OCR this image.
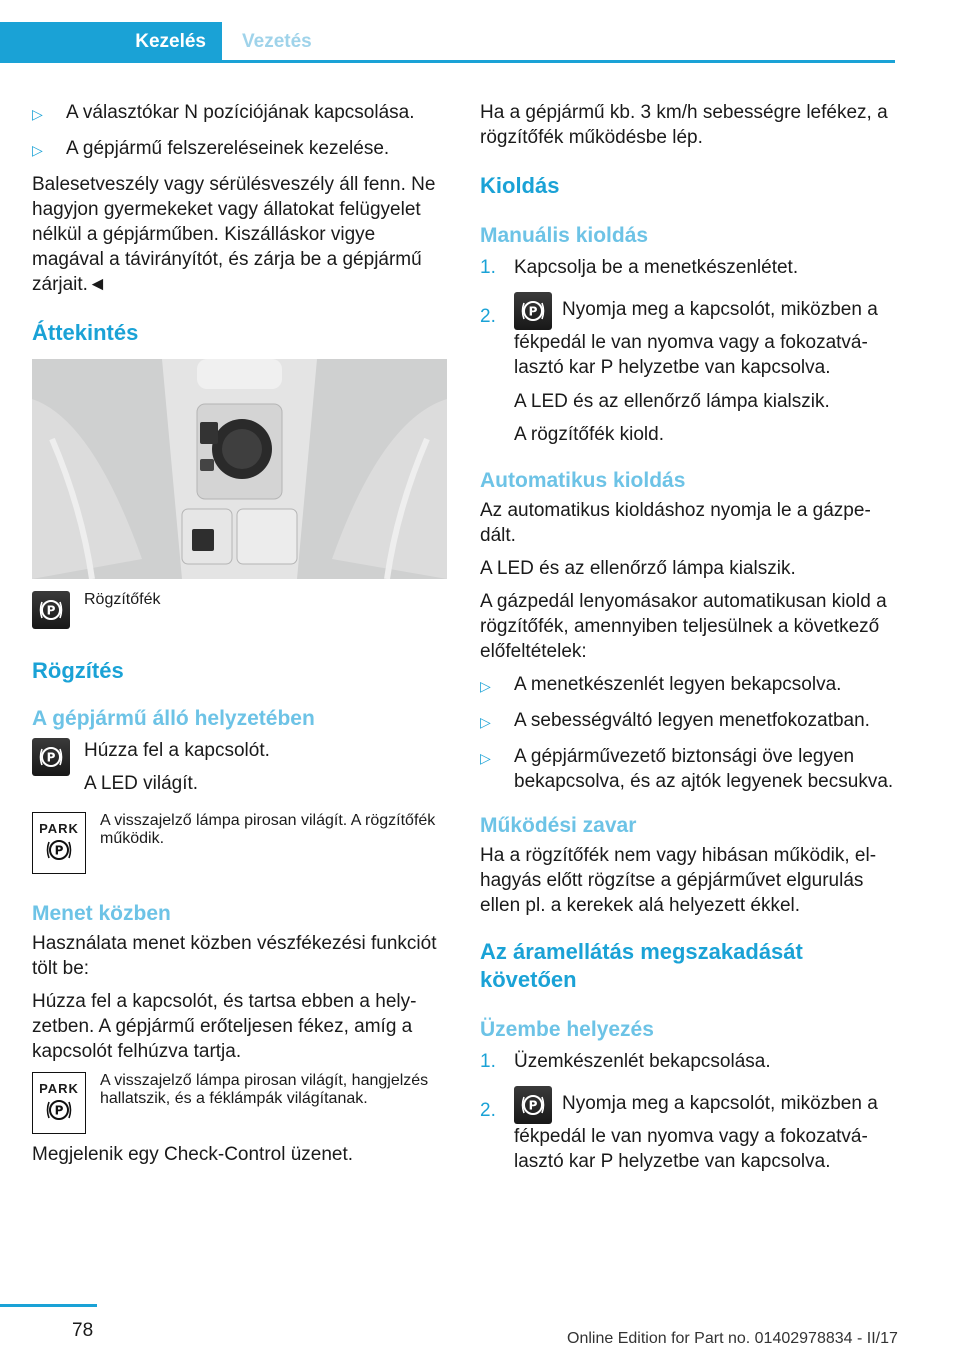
Kezelés	Vezetés
▷	A választókar N pozíciójának kapcsolása.
▷	A gépjármű felszereléseinek kezelése.

Balesetveszély vagy sérülésveszély áll fenn. Ne hagyjon gyermekeket vagy állatokat felügyelet nélkül a gépjárműben. Kiszálláskor vigye magával a távirányítót, és zárja be a gépjármű zárjait.◄

Áttekintés
P
Rögzítőfék
Rögzítés
A gépjármű álló helyzetében
P Húzza fel a kapcsolót.

A LED világít.

PARK
P
A visszajelző lámpa pirosan világít. A rögzítőfék működik.
Menet közben

Használata menet közben vészfékezési funkciót tölt be:

Húzza fel a kapcsolót, és tartsa ebben a helyzetben. A gépjármű erőteljesen fékez, amíg a kapcsolót felhúzva tartja.

PARK
P
A visszajelző lámpa pirosan világít, hangjelzés hallatszik, és a féklámpák világítanak.

Megjelenik egy Check-Control üzenet.

Ha a gépjármű kb. 3 km/h sebességre lefékez, a rögzítőfék működésbe lép.

Kioldás
Manuális kioldás
1. Kapcsolja be a menetkészenlétet.
2.	P Nyomja meg a kapcsolót, miközben a fékpedál le van nyomva vagy a fokozatválasztó kar P helyzetbe van kapcsolva.

A LED és az ellenőrző lámpa kialszik.

A rögzítőfék kiold.

Automatikus kioldás

Az automatikus kioldáshoz nyomja le a gázpedált.

A LED és az ellenőrző lámpa kialszik.

A gázpedál lenyomásakor automatikusan kiold a rögzítőfék, amennyiben teljesülnek a következő előfeltételek:

▷	A menetkészenlét legyen bekapcsolva.
▷	A sebességváltó legyen menetfokozatban.
▷	A gépjárművezető biztonsági öve legyen bekapcsolva, és az ajtók legyenek becsukva.
Működési zavar

Ha a rögzítőfék nem vagy hibásan működik, elhagyás előtt rögzítse a gépjárművet elgurulás ellen pl. a kerekek alá helyezett ékkel.

Az áramellátás megszakadását követően
Üzembe helyezés
1. Üzemkészenlét bekapcsolása.
2.	P Nyomja meg a kapcsolót, miközben a fékpedál le van nyomva vagy a fokozatválasztó kar P helyzetbe van kapcsolva.
78	Online Edition for Part no. 01402978834 - II/17
